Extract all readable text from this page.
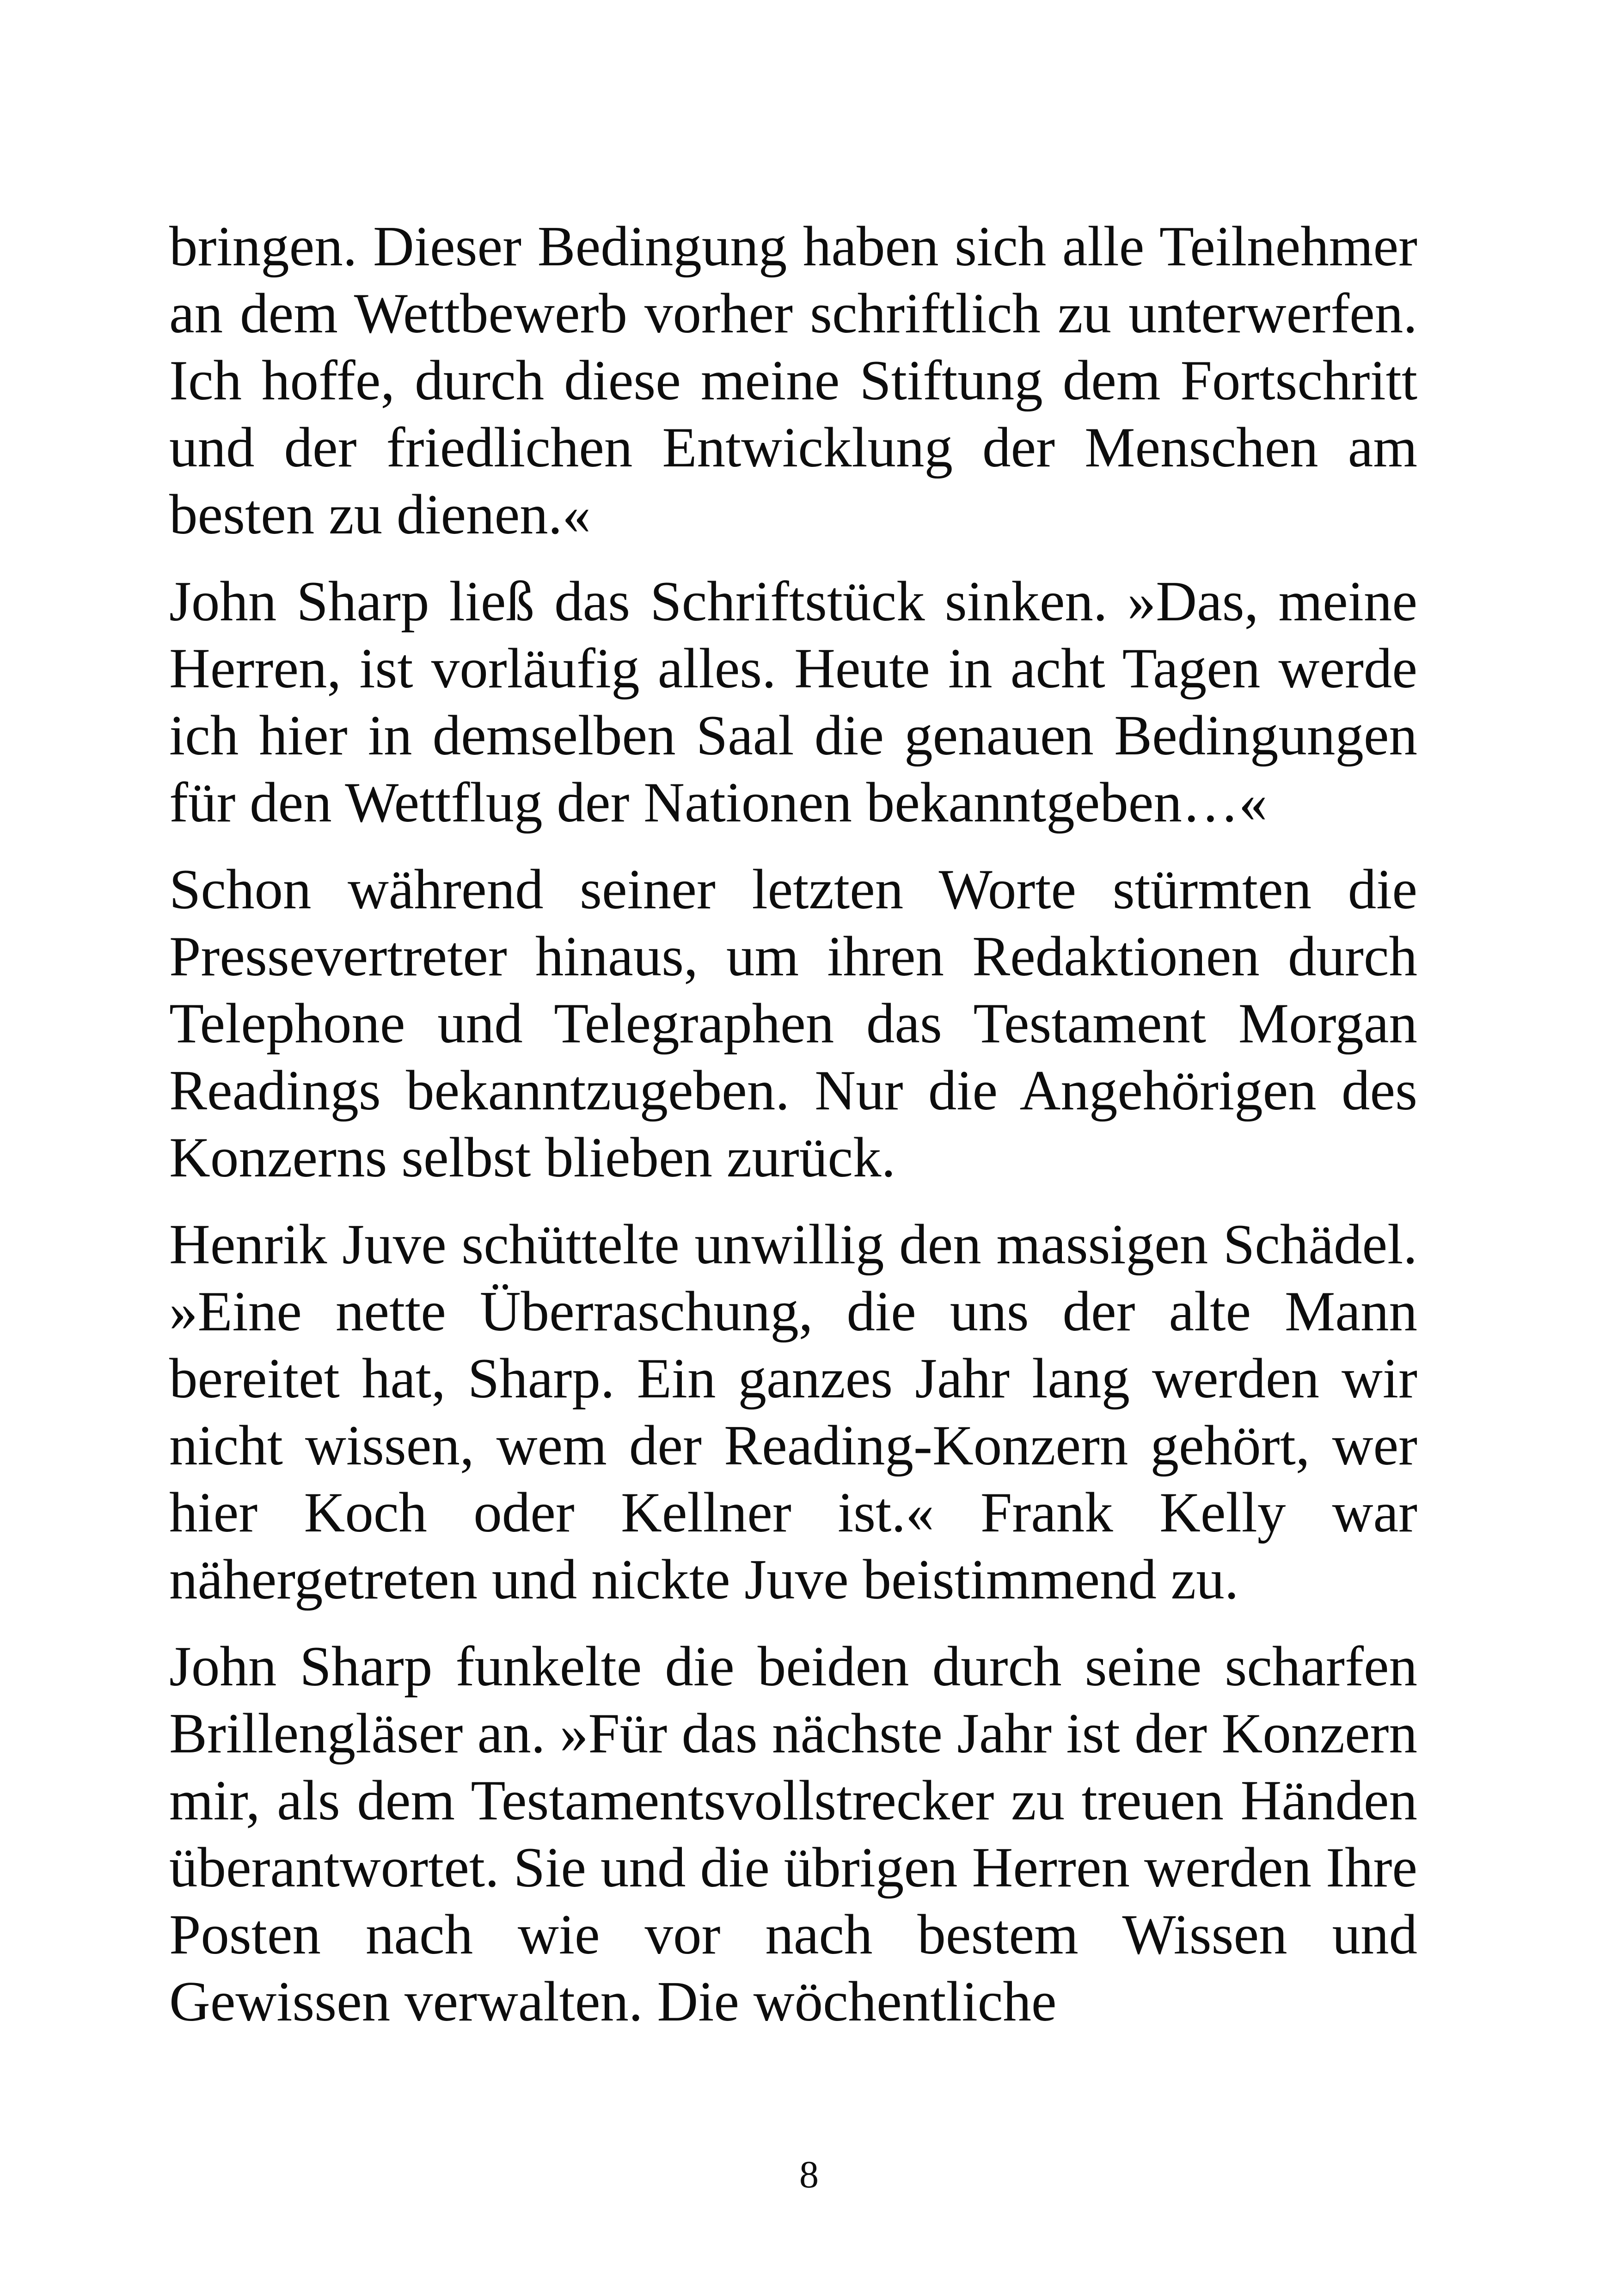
bringen. Dieser Bedingung haben sich alle Teilnehmer an dem Wettbewerb vorher schriftlich zu unterwerfen. Ich hoffe, durch diese meine Stiftung dem Fortschritt und der friedlichen Entwicklung der Menschen am besten zu dienen.«

John Sharp ließ das Schriftstück sinken. »Das, meine Herren, ist vorläufig alles. Heute in acht Tagen werde ich hier in demselben Saal die genauen Bedingungen für den Wettflug der Nationen bekanntgeben…«

Schon während seiner letzten Worte stürmten die Pressevertreter hinaus, um ihren Redaktionen durch Telephone und Telegraphen das Testament Morgan Readings bekanntzugeben. Nur die Angehörigen des Konzerns selbst blieben zurück.

Henrik Juve schüttelte unwillig den massigen Schädel. »Eine nette Überraschung, die uns der alte Mann bereitet hat, Sharp. Ein ganzes Jahr lang werden wir nicht wissen, wem der Reading-Konzern gehört, wer hier Koch oder Kellner ist.« Frank Kelly war nähergetreten und nickte Juve beistimmend zu.

John Sharp funkelte die beiden durch seine scharfen Brillengläser an. »Für das nächste Jahr ist der Konzern mir, als dem Testamentsvollstrecker zu treuen Händen überantwortet. Sie und die übrigen Herren werden Ihre Posten nach wie vor nach bestem Wissen und Gewissen verwalten. Die wöchentliche

8
